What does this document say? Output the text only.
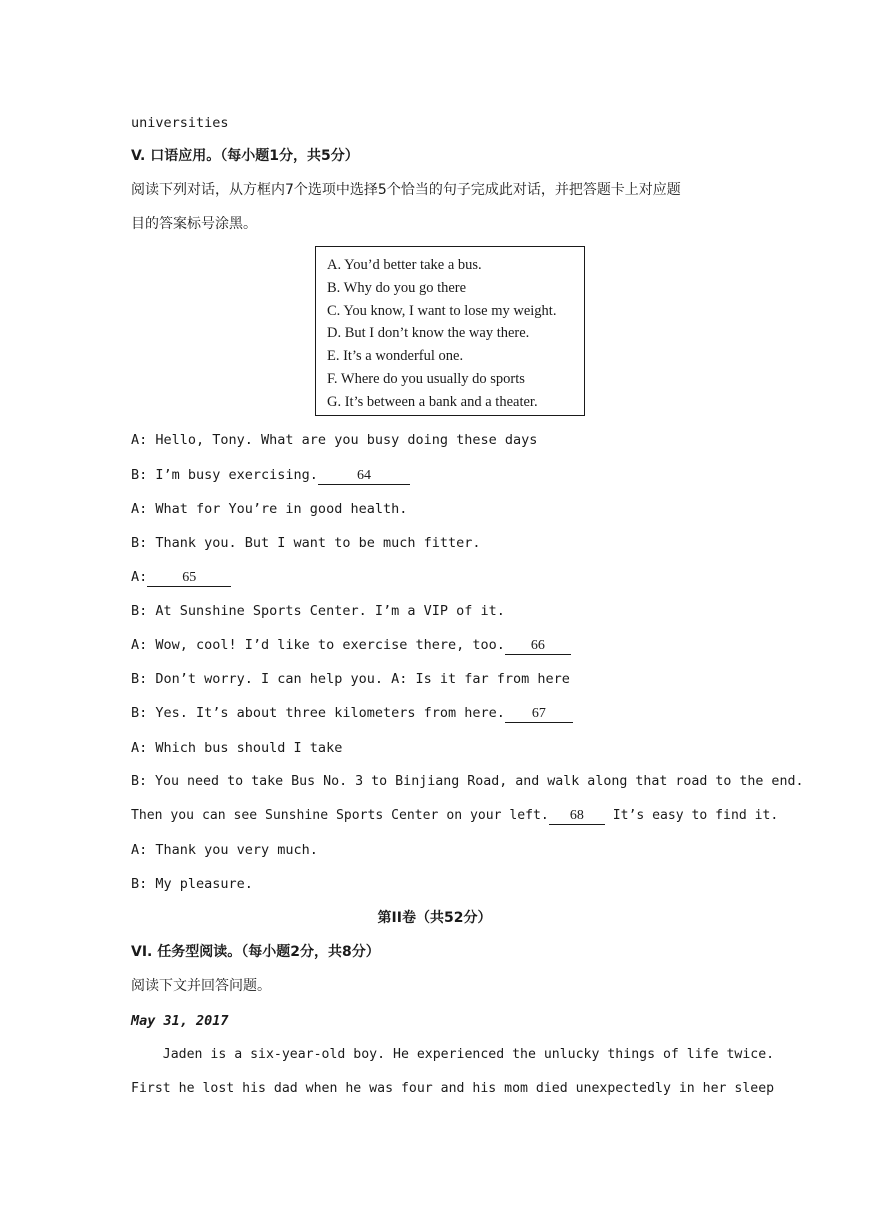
universities
V. 口语应用。（每小题1分，共5分）
阅读下列对话，从方框内7个选项中选择5个恰当的句子完成此对话，并把答题卡上对应题
目的答案标号涂黑。
A. You’d better take a bus.
B. Why do you go there
C. You know, I want to lose my weight.
D. But I don’t know the way there.
E. It’s a wonderful one.
F. Where do you usually do sports
G. It’s between a bank and a theater.
A: Hello, Tony. What are you busy doing these days
B: I’m busy exercising.	64
A: What for You’re in good health.
B: Thank you. But I want to be much fitter.
A:	65
B: At Sunshine Sports Center. I’m a VIP of it.
A: Wow, cool! I’d like to exercise there, too. 66
B: Don’t worry. I can help you. A: Is it far from here
B: Yes. It’s about three kilometers from here. 67
A: Which bus should I take
B: You need to take Bus No. 3 to Binjiang Road, and walk along that road to the end.
Then you can see Sunshine Sports Center on your left. 68 It’s easy to find it.
A: Thank you very much.
B: My pleasure.
第II卷（共52分）
VI. 任务型阅读。（每小题2分，共8分）
阅读下文并回答问题。
May 31, 2017
Jaden is a six-year-old boy. He experienced the unlucky things of life twice.
First he lost his dad when he was four and his mom died unexpectedly in her sleep
